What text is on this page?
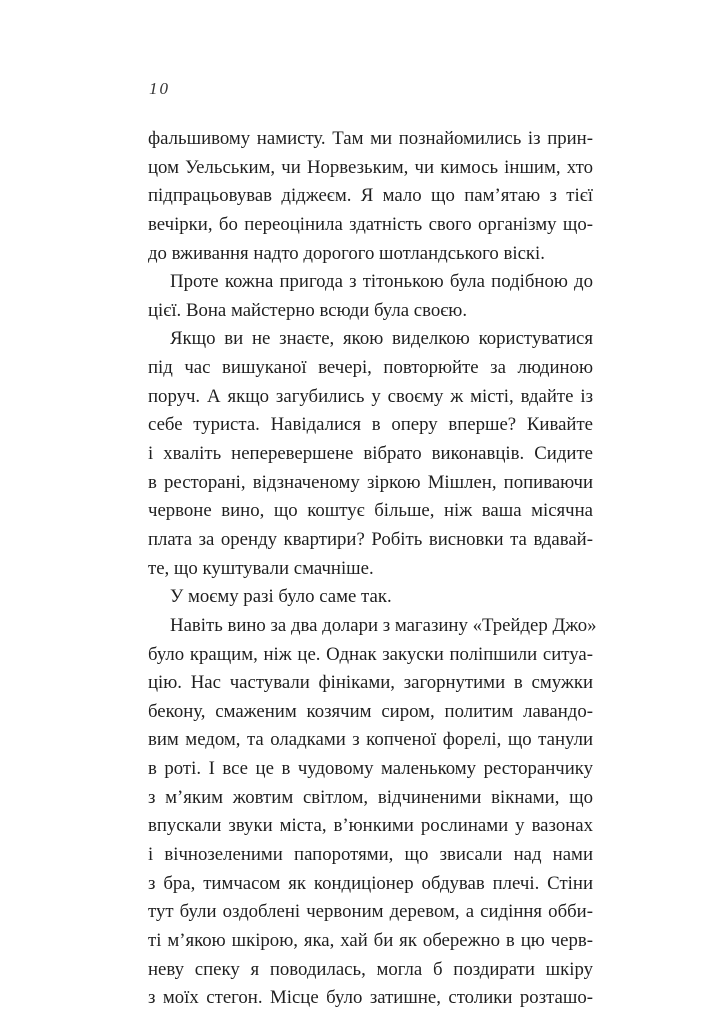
10
фальшивому намисту. Там ми познайомились із прин-
цом Уельським, чи Норвезьким, чи кимось іншим, хто
підпрацьовував діджеєм. Я мало що пам’ятаю з тієї
вечірки, бо переоцінила здатність свого організму що-
до вживання надто дорогого шотландського віскі.
Проте кожна пригода з тітонькою була подібною до
цієї. Вона майстерно всюди була своєю.
Якщо ви не знаєте, якою виделкою користуватися
під час вишуканої вечері, повторюйте за людиною
поруч. А якщо загубились у своєму ж місті, вдайте із
себе туриста. Навідалися в оперу вперше? Кивайте
і хваліть неперевершене вібрато виконавців. Сидите
в ресторані, відзначеному зіркою Мішлен, попиваючи
червоне вино, що коштує більше, ніж ваша місячна
плата за оренду квартири? Робіть висновки та вдавай-
те, що куштували смачніше.
У моєму разі було саме так.
Навіть вино за два долари з магазину «Трейдер Джо»
було кращим, ніж це. Однак закуски поліпшили ситуа-
цію. Нас частували фініками, загорнутими в смужки
бекону, смаженим козячим сиром, политим лавандо-
вим медом, та оладками з копченої форелі, що танули
в роті. І все це в чудовому маленькому ресторанчику
з м’яким жовтим світлом, відчиненими вікнами, що
впускали звуки міста, в’юнкими рослинами у вазонах
і вічнозеленими папоротями, що звисали над нами
з бра, тимчасом як кондиціонер обдував плечі. Стіни
тут були оздоблені червоним деревом, а сидіння обби-
ті м’якою шкірою, яка, хай би як обережно в цю черв-
неву спеку я поводилась, могла б поздирати шкіру
з моїх стегон. Місце було затишне, столики розташо-
